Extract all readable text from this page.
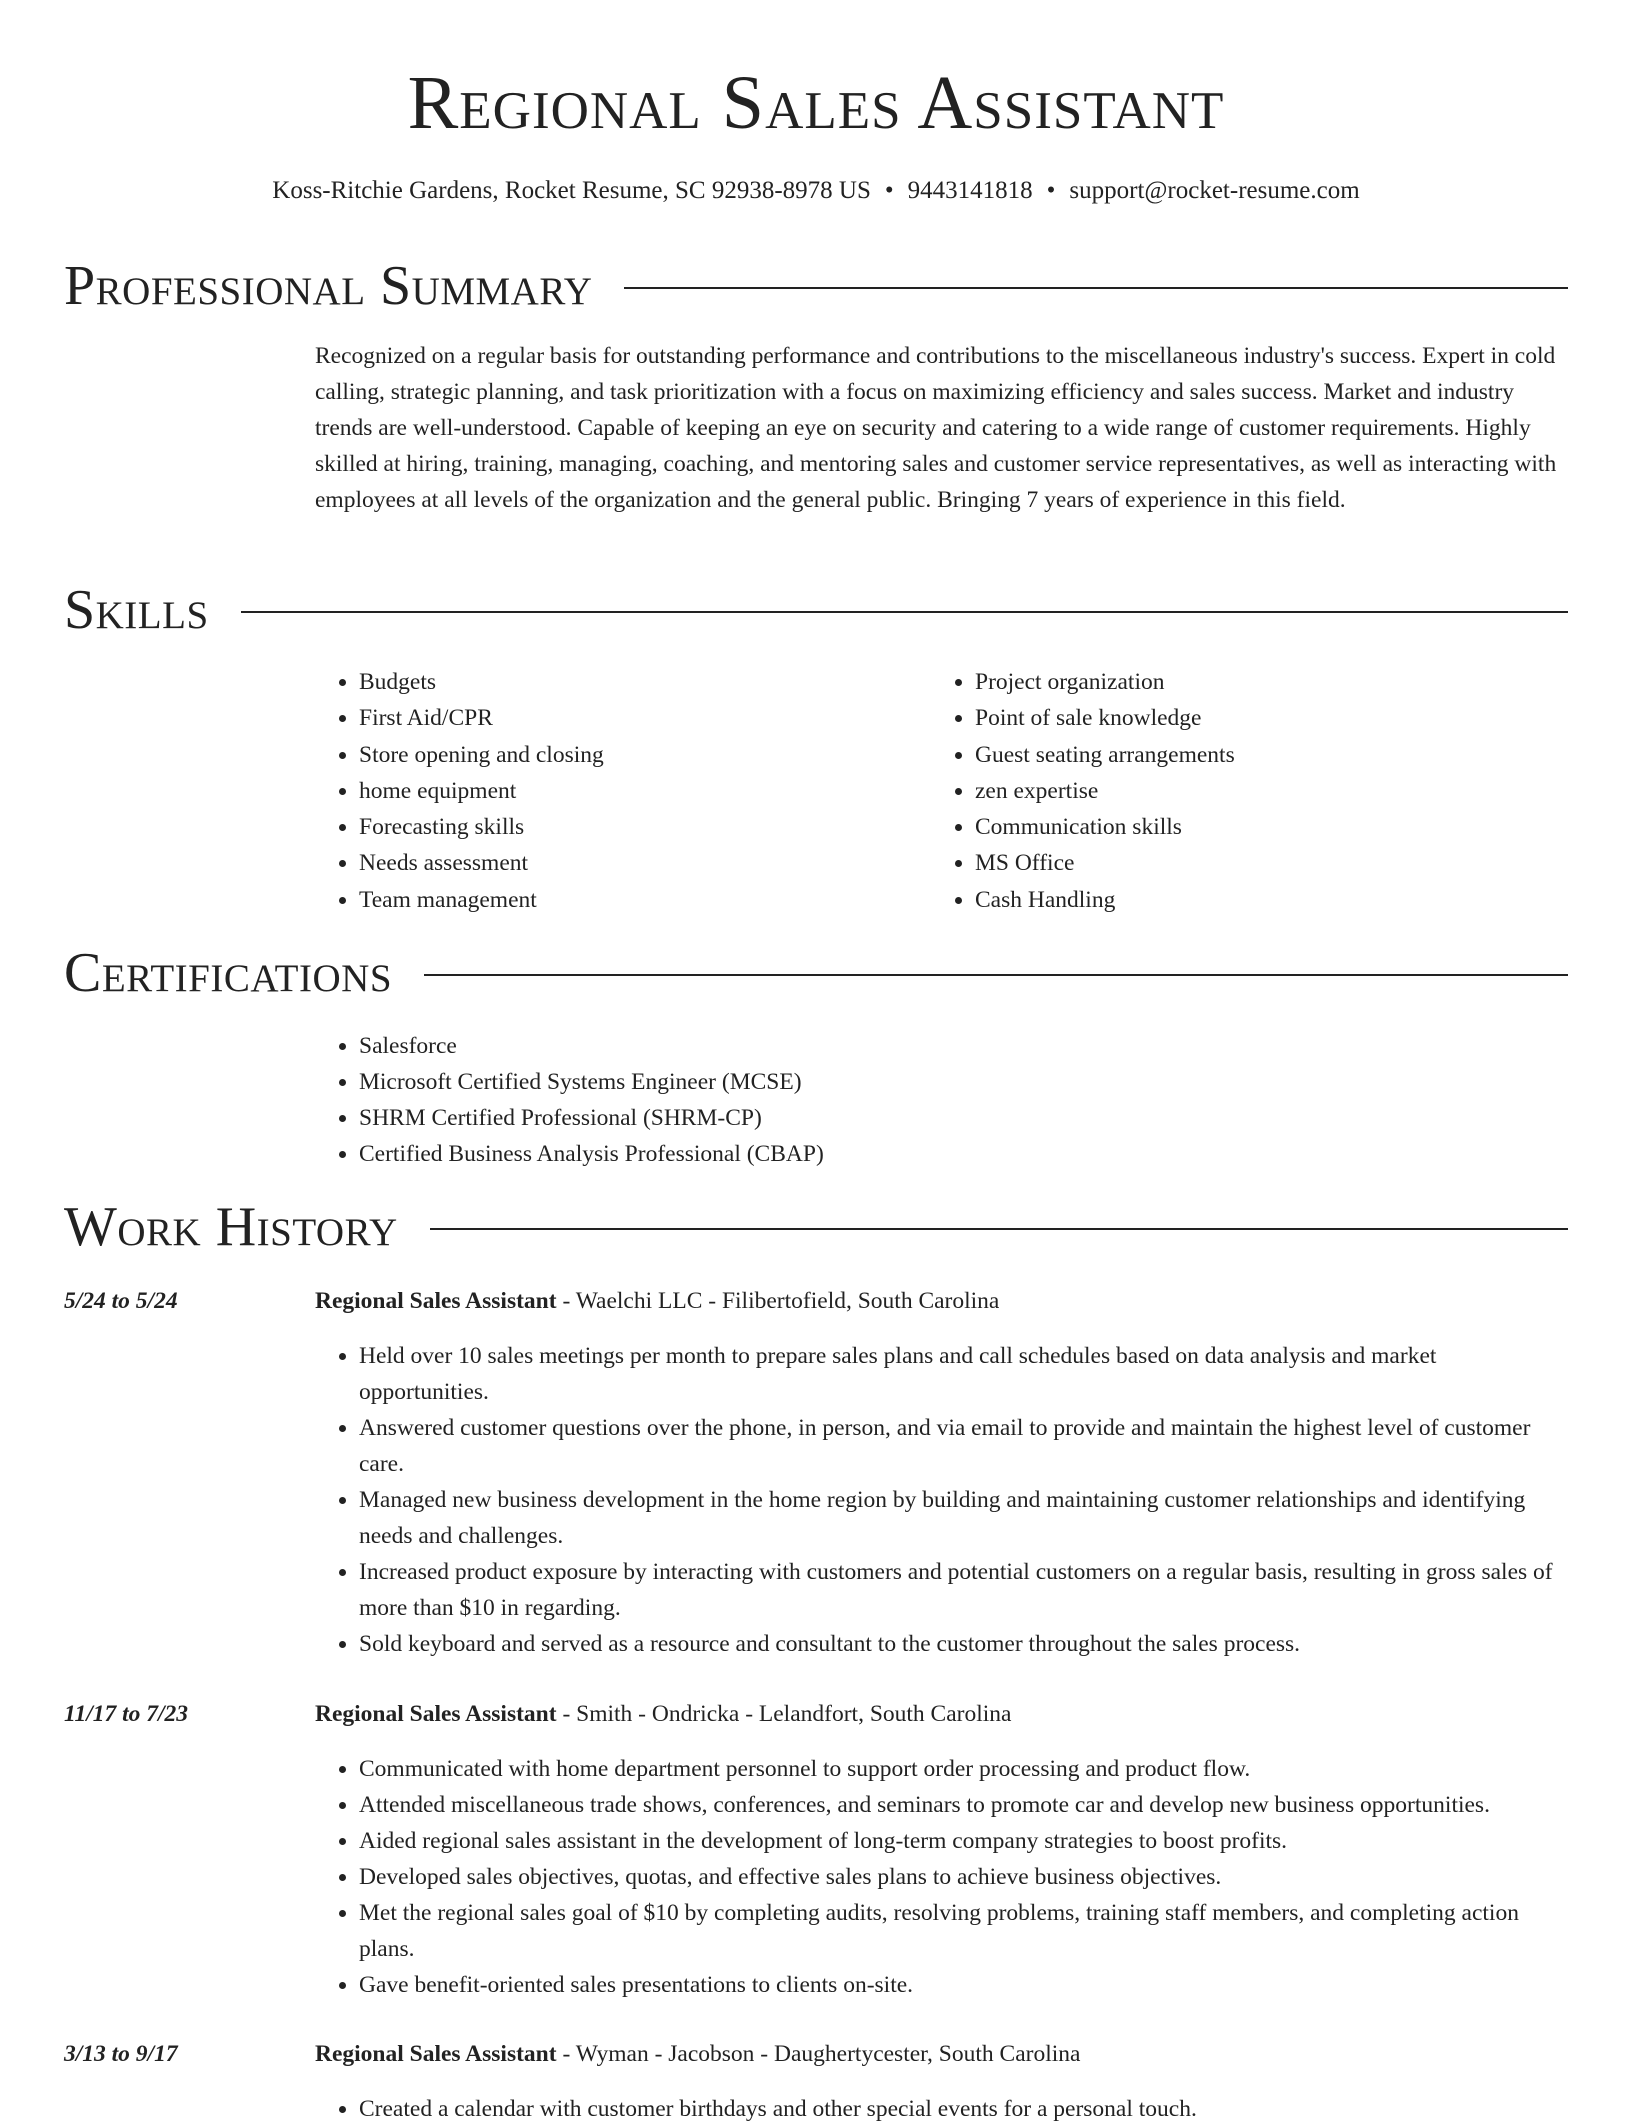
Regional Sales Assistant
Koss-Ritchie Gardens, Rocket Resume, SC 92938-8978 US • 9443141818 • support@rocket-resume.com
Professional Summary

Recognized on a regular basis for outstanding performance and contributions to the miscellaneous industry's success. Expert in cold calling, strategic planning, and task prioritization with a focus on maximizing efficiency and sales success. Market and industry trends are well-understood. Capable of keeping an eye on security and catering to a wide range of customer requirements. Highly skilled at hiring, training, managing, coaching, and mentoring sales and customer service representatives, as well as interacting with employees at all levels of the organization and the general public. Bringing 7 years of experience in this field.

Skills
• Budgets
• First Aid/CPR
• Store opening and closing
• home equipment
• Forecasting skills
• Needs assessment
• Team management
• Project organization
• Point of sale knowledge
• Guest seating arrangements
• zen expertise
• Communication skills
• MS Office
• Cash Handling
Certifications
• Salesforce
• Microsoft Certified Systems Engineer (MCSE)
• SHRM Certified Professional (SHRM-CP)
• Certified Business Analysis Professional (CBAP)
Work History
5/24 to 5/24	Regional Sales Assistant - Waelchi LLC - Filibertofield, South Carolina
• Held over 10 sales meetings per month to prepare sales plans and call schedules based on data analysis and market opportunities.
• Answered customer questions over the phone, in person, and via email to provide and maintain the highest level of customer care.
• Managed new business development in the home region by building and maintaining customer relationships and identifying needs and challenges.
• Increased product exposure by interacting with customers and potential customers on a regular basis, resulting in gross sales of more than $10 in regarding.
• Sold keyboard and served as a resource and consultant to the customer throughout the sales process.
11/17 to 7/23	Regional Sales Assistant - Smith - Ondricka - Lelandfort, South Carolina
• Communicated with home department personnel to support order processing and product flow.
• Attended miscellaneous trade shows, conferences, and seminars to promote car and develop new business opportunities.
• Aided regional sales assistant in the development of long-term company strategies to boost profits.
• Developed sales objectives, quotas, and effective sales plans to achieve business objectives.
• Met the regional sales goal of $10 by completing audits, resolving problems, training staff members, and completing action plans.
• Gave benefit-oriented sales presentations to clients on-site.
3/13 to 9/17	Regional Sales Assistant - Wyman - Jacobson - Daughertycester, South Carolina
• Created a calendar with customer birthdays and other special events for a personal touch.
